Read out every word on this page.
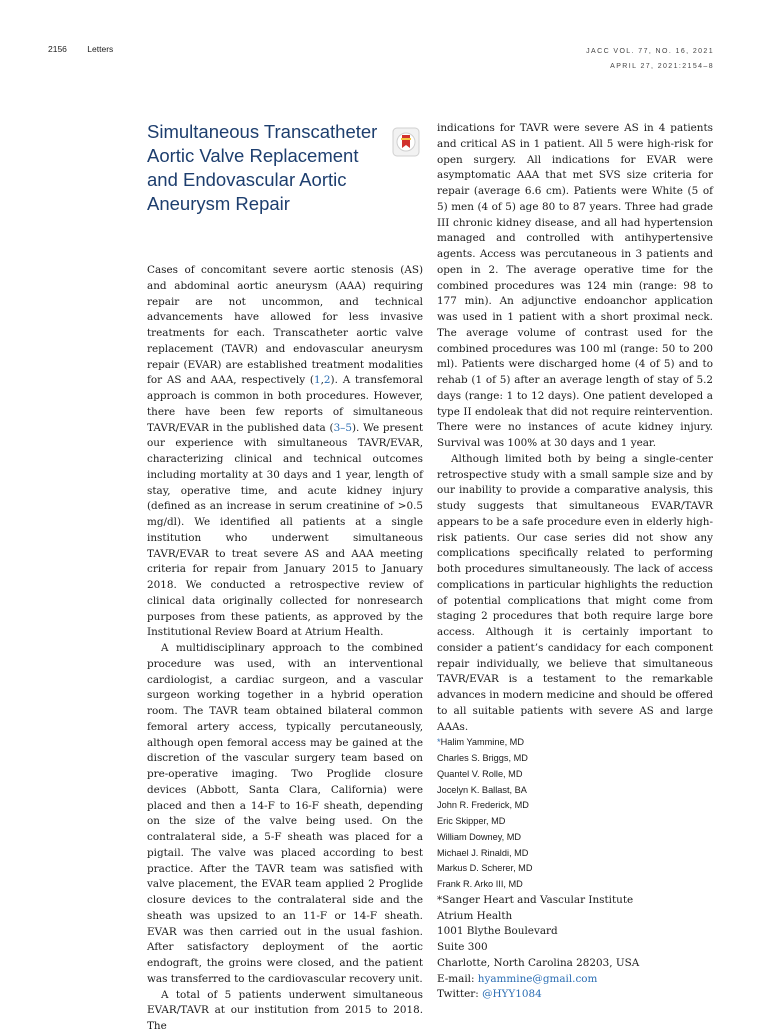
2156 Letters	JACC VOL. 77, NO. 16, 2021
APRIL 27, 2021:2154–8
Simultaneous Transcatheter Aortic Valve Replacement and Endovascular Aortic Aneurysm Repair

Cases of concomitant severe aortic stenosis (AS) and abdominal aortic aneurysm (AAA) requiring repair are not uncommon, and technical advancements have allowed for less invasive treatments for each. Transcatheter aortic valve replacement (TAVR) and endovascular aneurysm repair (EVAR) are established treatment modalities for AS and AAA, respectively (1,2). A transfemoral approach is common in both procedures. However, there have been few reports of simultaneous TAVR/EVAR in the published data (3–5). We present our experience with simultaneous TAVR/EVAR, characterizing clinical and technical outcomes including mortality at 30 days and 1 year, length of stay, operative time, and acute kidney injury (defined as an increase in serum creatinine of >0.5 mg/dl). We identified all patients at a single institution who underwent simultaneous TAVR/EVAR to treat severe AS and AAA meeting criteria for repair from January 2015 to January 2018. We conducted a retrospective review of clinical data originally collected for nonresearch purposes from these patients, as approved by the Institutional Review Board at Atrium Health.

A multidisciplinary approach to the combined procedure was used, with an interventional cardiologist, a cardiac surgeon, and a vascular surgeon working together in a hybrid operation room. The TAVR team obtained bilateral common femoral artery access, typically percutaneously, although open femoral access may be gained at the discretion of the vascular surgery team based on pre-operative imaging. Two Proglide closure devices (Abbott, Santa Clara, California) were placed and then a 14-F to 16-F sheath, depending on the size of the valve being used. On the contralateral side, a 5-F sheath was placed for a pigtail. The valve was placed according to best practice. After the TAVR team was satisfied with valve placement, the EVAR team applied 2 Proglide closure devices to the contralateral side and the sheath was upsized to an 11-F or 14-F sheath. EVAR was then carried out in the usual fashion. After satisfactory deployment of the aortic endograft, the groins were closed, and the patient was transferred to the cardiovascular recovery unit.

A total of 5 patients underwent simultaneous EVAR/TAVR at our institution from 2015 to 2018. The

indications for TAVR were severe AS in 4 patients and critical AS in 1 patient. All 5 were high-risk for open surgery. All indications for EVAR were asymptomatic AAA that met SVS size criteria for repair (average 6.6 cm). Patients were White (5 of 5) men (4 of 5) age 80 to 87 years. Three had grade III chronic kidney disease, and all had hypertension managed and controlled with antihypertensive agents. Access was percutaneous in 3 patients and open in 2. The average operative time for the combined procedures was 124 min (range: 98 to 177 min). An adjunctive endoanchor application was used in 1 patient with a short proximal neck. The average volume of contrast used for the combined procedures was 100 ml (range: 50 to 200 ml). Patients were discharged home (4 of 5) and to rehab (1 of 5) after an average length of stay of 5.2 days (range: 1 to 12 days). One patient developed a type II endoleak that did not require reintervention. There were no instances of acute kidney injury. Survival was 100% at 30 days and 1 year.

Although limited both by being a single-center retrospective study with a small sample size and by our inability to provide a comparative analysis, this study suggests that simultaneous EVAR/TAVR appears to be a safe procedure even in elderly high-risk patients. Our case series did not show any complications specifically related to performing both procedures simultaneously. The lack of access complications in particular highlights the reduction of potential complications that might come from staging 2 procedures that both require large bore access. Although it is certainly important to consider a patient’s candidacy for each component repair individually, we believe that simultaneous TAVR/EVAR is a testament to the remarkable advances in modern medicine and should be offered to all suitable patients with severe AS and large AAAs.

*Halim Yammine, MD
Charles S. Briggs, MD
Quantel V. Rolle, MD
Jocelyn K. Ballast, BA
John R. Frederick, MD
Eric Skipper, MD
William Downey, MD
Michael J. Rinaldi, MD
Markus D. Scherer, MD
Frank R. Arko III, MD
*Sanger Heart and Vascular Institute
Atrium Health
1001 Blythe Boulevard
Suite 300
Charlotte, North Carolina 28203, USA
E-mail: hyammine@gmail.com
Twitter: @HYY1084
